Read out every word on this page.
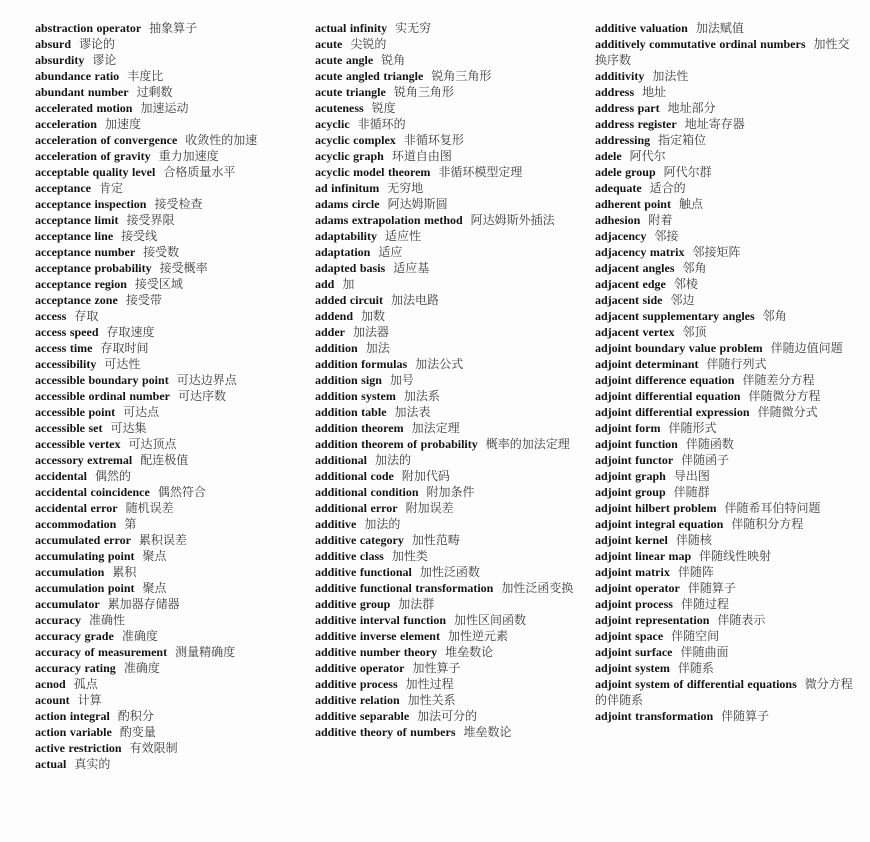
abstraction operator 抽象算子
absurd 谬论的
absurdity 谬论
abundance ratio 丰度比
abundant number 过剩数
accelerated motion 加速运动
acceleration 加速度
acceleration of convergence 收敛性的加速
acceleration of gravity 重力加速度
acceptable quality level 合格质量水平
acceptance 肯定
acceptance inspection 接受检查
acceptance limit 接受界限
acceptance line 接受线
acceptance number 接受数
acceptance probability 接受概率
acceptance region 接受区域
acceptance zone 接受带
access 存取
access speed 存取速度
access time 存取时间
accessibility 可达性
accessible boundary point 可达边界点
accessible ordinal number 可达序数
accessible point 可达点
accessible set 可达集
accessible vertex 可达顶点
accessory extremal 配连极值
accidental 偶然的
accidental coincidence 偶然符合
accidental error 随机误差
accommodation 第
accumulated error 累积误差
accumulating point 聚点
accumulation 累积
accumulation point 聚点
accumulator 累加器存储器
accuracy 准确性
accuracy grade 准确度
accuracy of measurement 测量精确度
accuracy rating 准确度
acnod 孤点
acount 计算
action integral 酌积分
action variable 酌变量
active restriction 有效限制
actual 真实的
actual infinity 实无穷
acute 尖锐的
acute angle 锐角
acute angled triangle 锐角三角形
acute triangle 锐角三角形
acuteness 锐度
acyclic 非循环的
acyclic complex 非循环复形
acyclic graph 环道自由图
acyclic model theorem 非循环模型定理
ad infinitum 无穷地
adams circle 阿达姆斯圆
adams extrapolation method 阿达姆斯外插法
adaptability 适应性
adaptation 适应
adapted basis 适应基
add 加
added circuit 加法电路
addend 加数
adder 加法器
addition 加法
addition formulas 加法公式
addition sign 加号
addition system 加法系
addition table 加法表
addition theorem 加法定理
addition theorem of probability 概率的加法定理
additional 加法的
additional code 附加代码
additional condition 附加条件
additional error 附加误差
additive 加法的
additive category 加性范畴
additive class 加性类
additive functional 加性泛函数
additive functional transformation 加性泛函变换
additive group 加法群
additive interval function 加性区间函数
additive inverse element 加性逆元素
additive number theory 堆垒数论
additive operator 加性算子
additive process 加性过程
additive relation 加性关系
additive separable 加法可分的
additive theory of numbers 堆垒数论
additive valuation 加法赋值
additively commutative ordinal numbers 加性交换序数
additivity 加法性
address 地址
address part 地址部分
address register 地址寄存器
addressing 指定箱位
adele 阿代尔
adele group 阿代尔群
adequate 适合的
adherent point 触点
adhesion 附着
adjacency 邻接
adjacency matrix 邻接矩阵
adjacent angles 邻角
adjacent edge 邻棱
adjacent side 邻边
adjacent supplementary angles 邻角
adjacent vertex 邻顶
adjoint boundary value problem 伴随边值问题
adjoint determinant 伴随行列式
adjoint difference equation 伴随差分方程
adjoint differential equation 伴随微分方程
adjoint differential expression 伴随微分式
adjoint form 伴随形式
adjoint function 伴随函数
adjoint functor 伴随函子
adjoint graph 导出图
adjoint group 伴随群
adjoint hilbert problem 伴随希耳伯特问题
adjoint integral equation 伴随积分方程
adjoint kernel 伴随核
adjoint linear map 伴随线性映射
adjoint matrix 伴随阵
adjoint operator 伴随算子
adjoint process 伴随过程
adjoint representation 伴随表示
adjoint space 伴随空间
adjoint surface 伴随曲面
adjoint system 伴随系
adjoint system of differential equations 微分方程的伴随系
adjoint transformation 伴随算子
